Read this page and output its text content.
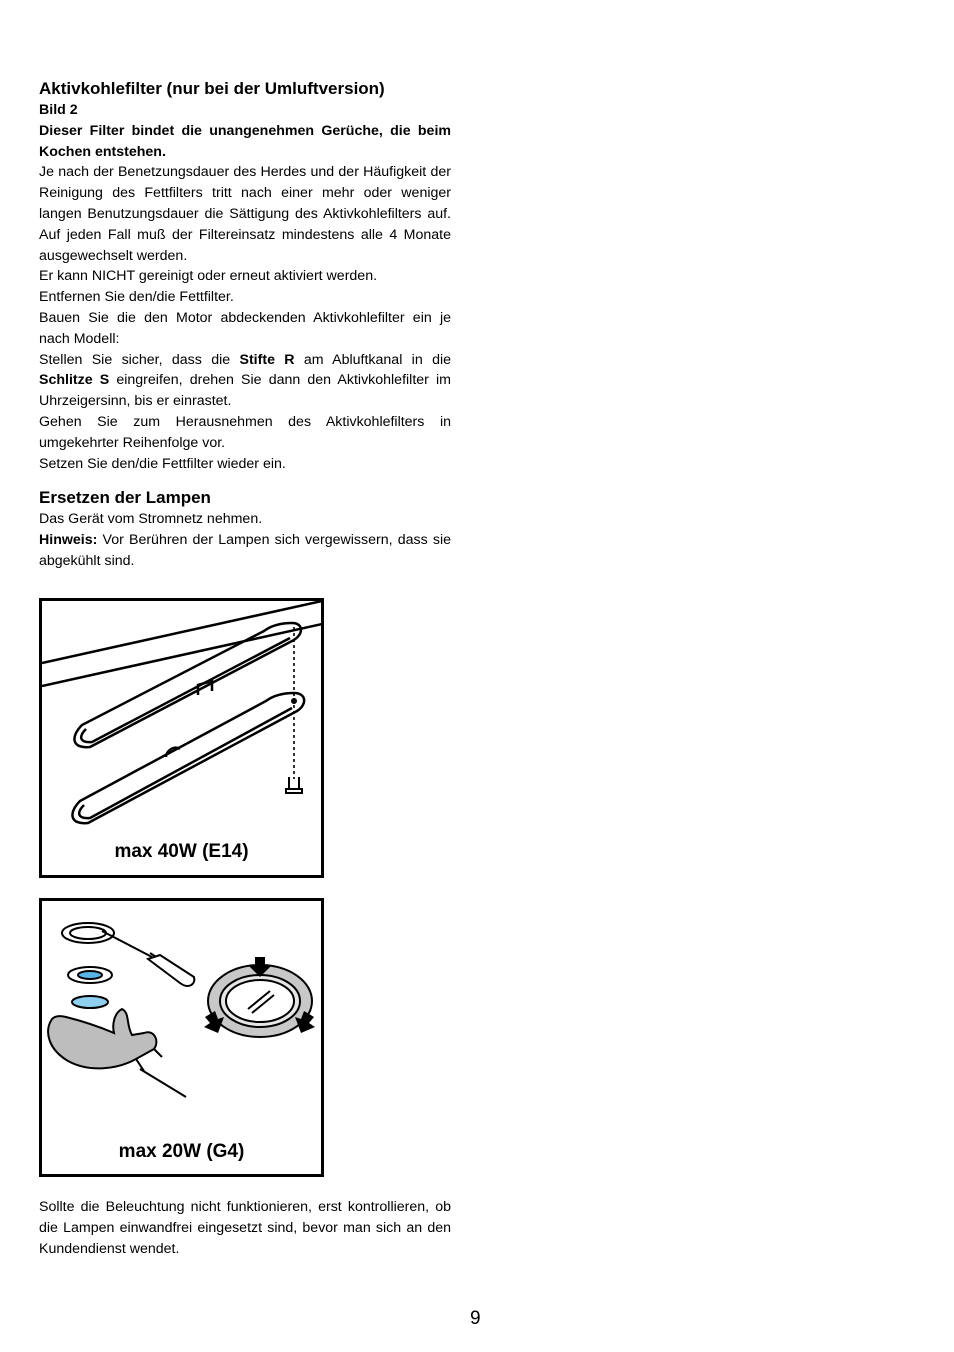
Aktivkohlefilter (nur bei der Umluftversion)

Bild 2

Dieser Filter bindet die unangenehmen Gerüche, die beim Kochen entstehen.

Je nach der Benetzungsdauer des Herdes und der Häufigkeit der Reinigung des Fettfilters tritt nach einer mehr oder weniger langen Benutzungsdauer die Sättigung des Aktivkohlefilters auf. Auf jeden Fall muß der Filtereinsatz mindestens alle 4 Monate ausgewechselt werden.

Er kann NICHT gereinigt oder erneut aktiviert werden.

Entfernen Sie den/die Fettfilter.

Bauen Sie die den Motor abdeckenden Aktivkohlefilter ein je nach Modell:

Stellen Sie sicher, dass die Stifte R am Abluftkanal in die Schlitze S eingreifen, drehen Sie dann den Aktivkohlefilter im Uhrzeigersinn, bis er einrastet.

Gehen Sie zum Herausnehmen des Aktivkohlefilters in umgekehrter Reihenfolge vor.

Setzen Sie den/die Fettfilter wieder ein.

Ersetzen der Lampen

Das Gerät vom Stromnetz nehmen.

Hinweis: Vor Berühren der Lampen sich vergewissern, dass sie abgekühlt sind.

max 40W (E14)
max 20W (G4)

Sollte die Beleuchtung nicht funktionieren, erst kontrollieren, ob die Lampen einwandfrei eingesetzt sind, bevor man sich an den Kundendienst wendet.

9
